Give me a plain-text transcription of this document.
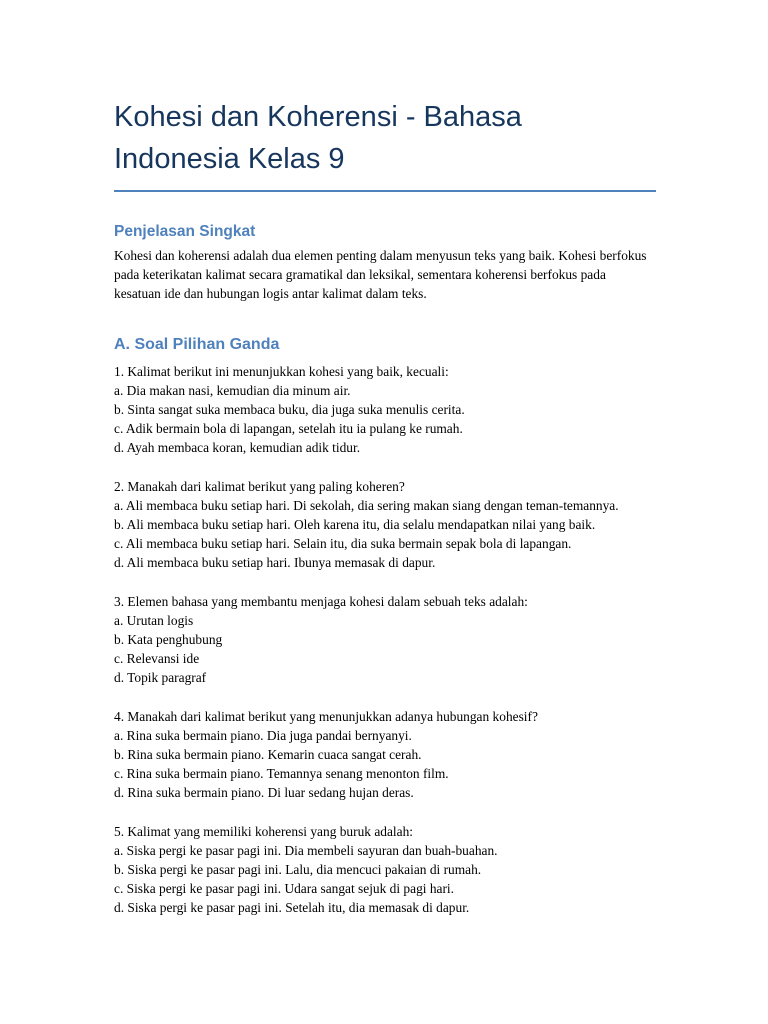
Kohesi dan Koherensi - Bahasa Indonesia Kelas 9
Penjelasan Singkat

Kohesi dan koherensi adalah dua elemen penting dalam menyusun teks yang baik. Kohesi berfokus pada keterikatan kalimat secara gramatikal dan leksikal, sementara koherensi berfokus pada kesatuan ide dan hubungan logis antar kalimat dalam teks.

A. Soal Pilihan Ganda

1. Kalimat berikut ini menunjukkan kohesi yang baik, kecuali:

a. Dia makan nasi, kemudian dia minum air.

b. Sinta sangat suka membaca buku, dia juga suka menulis cerita.

c. Adik bermain bola di lapangan, setelah itu ia pulang ke rumah.

d. Ayah membaca koran, kemudian adik tidur.

2. Manakah dari kalimat berikut yang paling koheren?

a. Ali membaca buku setiap hari. Di sekolah, dia sering makan siang dengan teman-temannya.

b. Ali membaca buku setiap hari. Oleh karena itu, dia selalu mendapatkan nilai yang baik.

c. Ali membaca buku setiap hari. Selain itu, dia suka bermain sepak bola di lapangan.

d. Ali membaca buku setiap hari. Ibunya memasak di dapur.

3. Elemen bahasa yang membantu menjaga kohesi dalam sebuah teks adalah:

a. Urutan logis

b. Kata penghubung

c. Relevansi ide

d. Topik paragraf

4. Manakah dari kalimat berikut yang menunjukkan adanya hubungan kohesif?

a. Rina suka bermain piano. Dia juga pandai bernyanyi.

b. Rina suka bermain piano. Kemarin cuaca sangat cerah.

c. Rina suka bermain piano. Temannya senang menonton film.

d. Rina suka bermain piano. Di luar sedang hujan deras.

5. Kalimat yang memiliki koherensi yang buruk adalah:

a. Siska pergi ke pasar pagi ini. Dia membeli sayuran dan buah-buahan.

b. Siska pergi ke pasar pagi ini. Lalu, dia mencuci pakaian di rumah.

c. Siska pergi ke pasar pagi ini. Udara sangat sejuk di pagi hari.

d. Siska pergi ke pasar pagi ini. Setelah itu, dia memasak di dapur.
